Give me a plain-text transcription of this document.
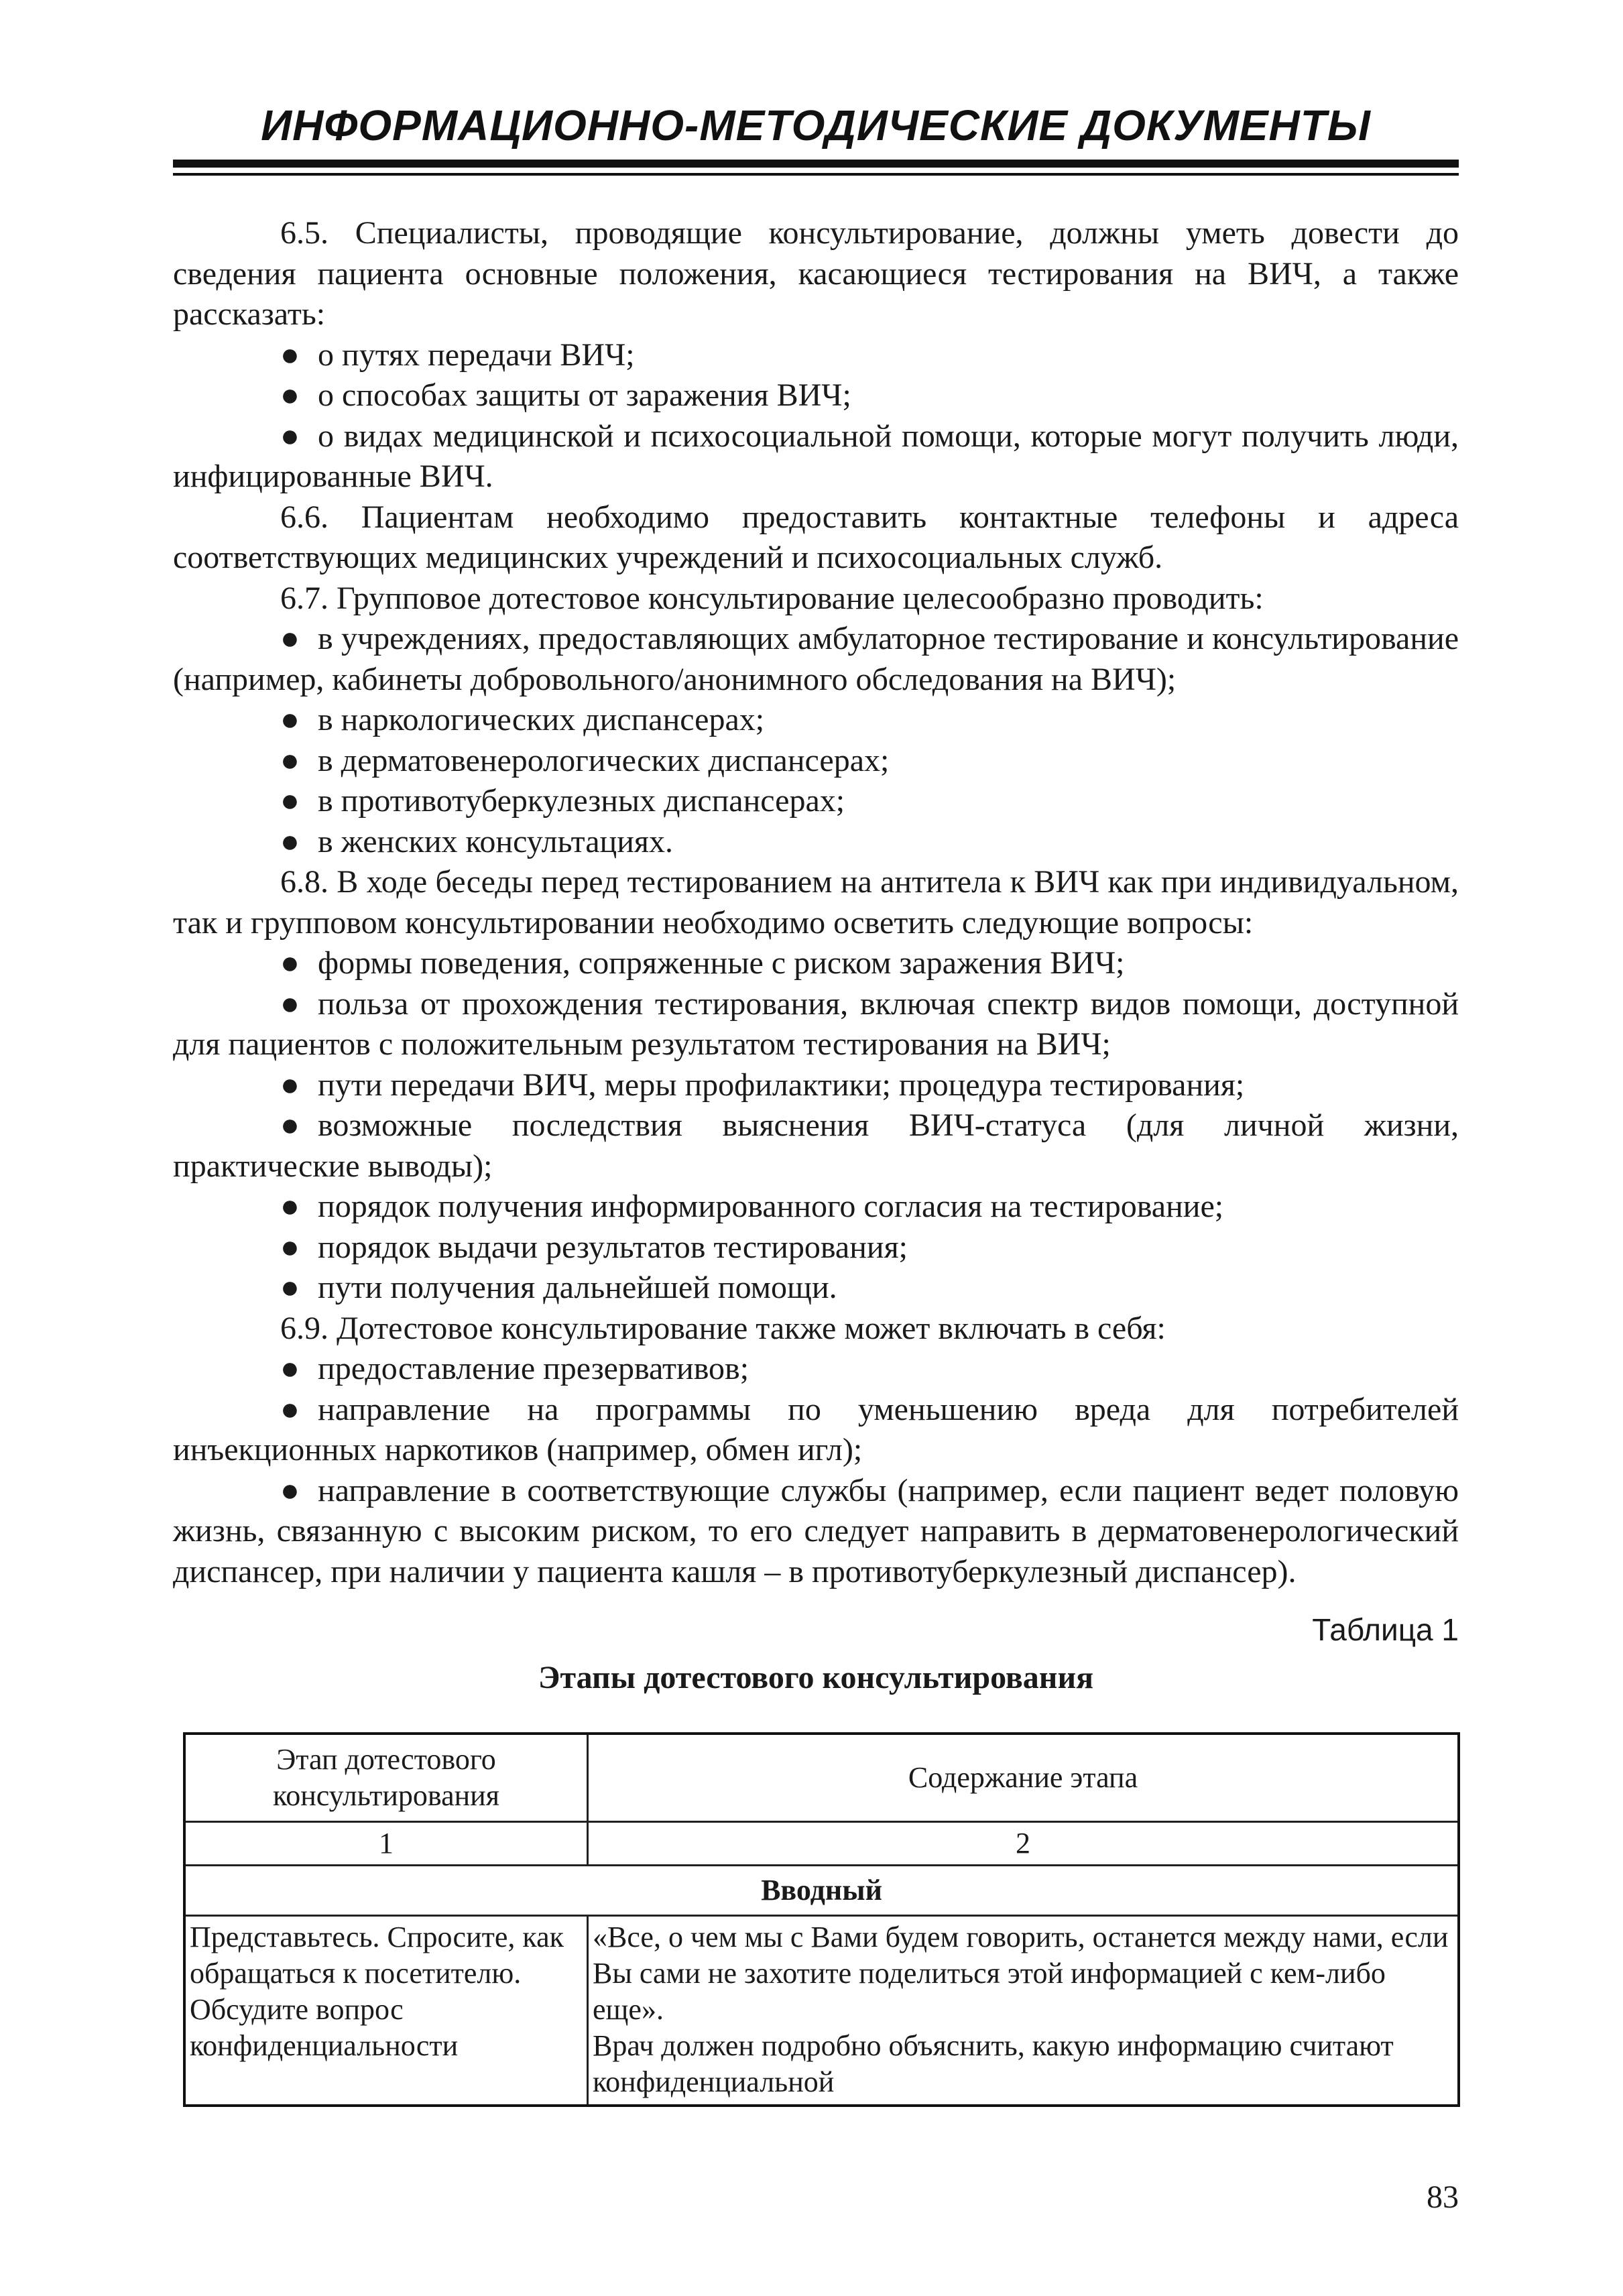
ИНФОРМАЦИОННО-МЕТОДИЧЕСКИЕ ДОКУМЕНТЫ

6.5. Специалисты, проводящие консультирование, должны уметь довести до сведения пациента основные положения, касающиеся тестирования на ВИЧ, а также рассказать:

● о путях передачи ВИЧ;

● о способах защиты от заражения ВИЧ;

● о видах медицинской и психосоциальной помощи, которые могут получить люди, инфицированные ВИЧ.

6.6. Пациентам необходимо предоставить контактные телефоны и адреса соответствующих медицинских учреждений и психосоциальных служб.

6.7. Групповое дотестовое консультирование целесообразно проводить:

● в учреждениях, предоставляющих амбулаторное тестирование и консультирование (например, кабинеты добровольного/анонимного обследования на ВИЧ);

● в наркологических диспансерах;

● в дерматовенерологических диспансерах;

● в противотуберкулезных диспансерах;

● в женских консультациях.

6.8. В ходе беседы перед тестированием на антитела к ВИЧ как при индивидуальном, так и групповом консультировании необходимо осветить следующие вопросы:

● формы поведения, сопряженные с риском заражения ВИЧ;

● польза от прохождения тестирования, включая спектр видов помощи, доступной для пациентов с положительным результатом тестирования на ВИЧ;

● пути передачи ВИЧ, меры профилактики; процедура тестирования;

● возможные последствия выяснения ВИЧ-статуса (для личной жизни, практические выводы);

● порядок получения информированного согласия на тестирование;

● порядок выдачи результатов тестирования;

● пути получения дальнейшей помощи.

6.9. Дотестовое консультирование также может включать в себя:

● предоставление презервативов;

● направление на программы по уменьшению вреда для потребителей инъекционных наркотиков (например, обмен игл);

● направление в соответствующие службы (например, если пациент ведет половую жизнь, связанную с высоким риском, то его следует направить в дерматовенерологический диспансер, при наличии у пациента кашля – в противотуберкулезный диспансер).

Таблица 1
Этапы дотестового консультирования
Этап дотестового консультирования	Содержание этапа
1	2
Вводный	
Представьтесь. Спросите, как обращаться к посетителю. Обсудите вопрос конфиденциальности	«Все, о чем мы с Вами будем говорить, останется между нами, если Вы сами не захотите поделиться этой информацией с кем-либо еще».
Врач должен подробно объяснить, какую информацию считают конфиденциальной
83
